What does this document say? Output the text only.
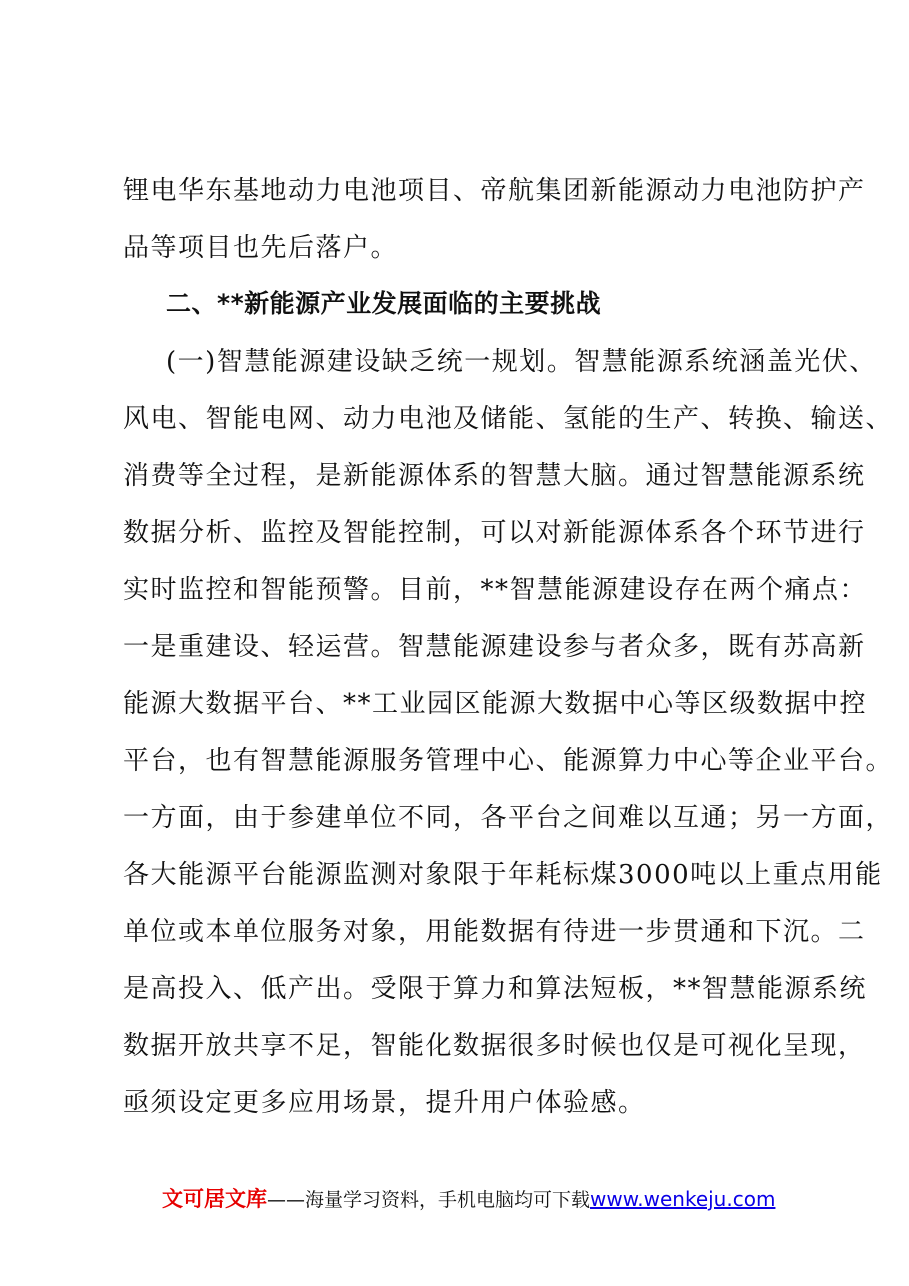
锂电华东基地动力电池项目、帝航集团新能源动力电池防护产
品等项目也先后落户。
二、**新能源产业发展面临的主要挑战
(一)智慧能源建设缺乏统一规划。智慧能源系统涵盖光伏、
风电、智能电网、动力电池及储能、氢能的生产、转换、输送、
消费等全过程，是新能源体系的智慧大脑。通过智慧能源系统
数据分析、监控及智能控制，可以对新能源体系各个环节进行
实时监控和智能预警。目前，**智慧能源建设存在两个痛点：
一是重建设、轻运营。智慧能源建设参与者众多，既有苏高新
能源大数据平台、**工业园区能源大数据中心等区级数据中控
平台，也有智慧能源服务管理中心、能源算力中心等企业平台。
一方面，由于参建单位不同，各平台之间难以互通；另一方面，
各大能源平台能源监测对象限于年耗标煤3000吨以上重点用能
单位或本单位服务对象，用能数据有待进一步贯通和下沉。二
是高投入、低产出。受限于算力和算法短板，**智慧能源系统
数据开放共享不足，智能化数据很多时候也仅是可视化呈现，
亟须设定更多应用场景，提升用户体验感。
文可居文库——海量学习资料，手机电脑均可下载www.wenkeju.com
